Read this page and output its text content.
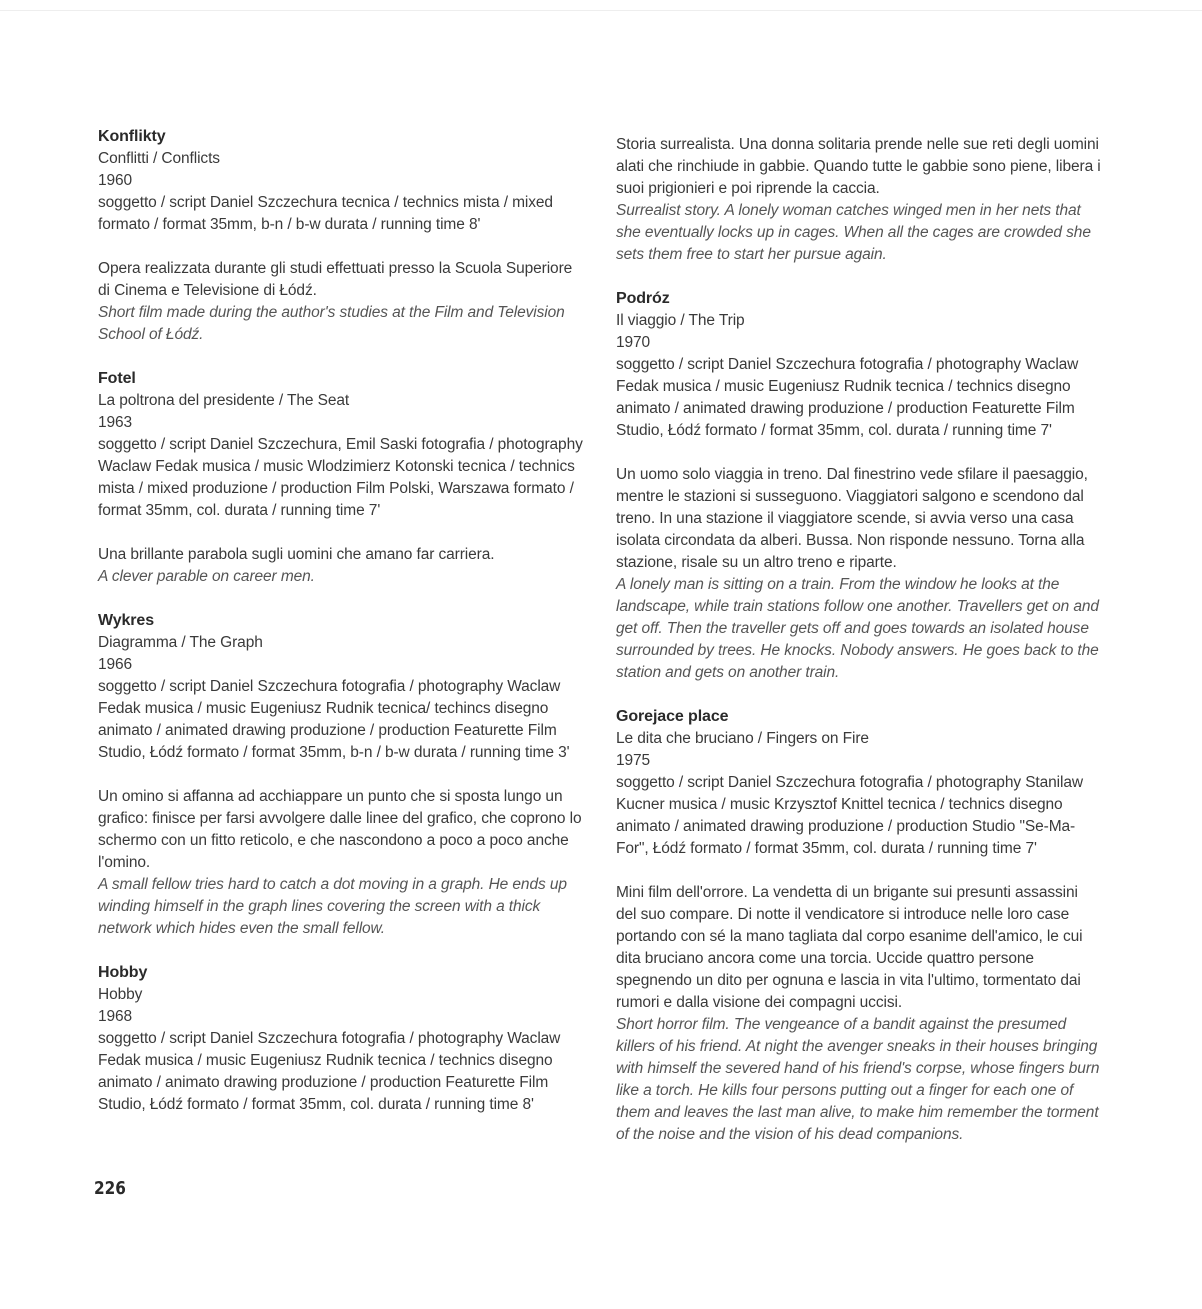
Konflikty

Conflitti / Conflicts

1960

soggetto / script Daniel Szczechura tecnica / technics mista / mixed formato / format 35mm, b-n / b-w durata / running time 8'

Opera realizzata durante gli studi effettuati presso la Scuola Superiore di Cinema e Televisione di Łódź.

Short film made during the author's studies at the Film and Television School of Łódź.

Fotel

La poltrona del presidente / The Seat

1963

soggetto / script Daniel Szczechura, Emil Saski fotografia / photography Waclaw Fedak musica / music Wlodzimierz Kotonski tecnica / technics mista / mixed produzione / production Film Polski, Warszawa formato / format 35mm, col. durata / running time 7'

Una brillante parabola sugli uomini che amano far carriera.

A clever parable on career men.

Wykres

Diagramma / The Graph

1966

soggetto / script Daniel Szczechura fotografia / photography Waclaw Fedak musica / music Eugeniusz Rudnik tecnica/ techincs disegno animato / animated drawing produzione / production Featurette Film Studio, Łódź formato / format 35mm, b-n / b-w durata / running time 3'

Un omino si affanna ad acchiappare un punto che si sposta lungo un grafico: finisce per farsi avvolgere dalle linee del grafico, che coprono lo schermo con un fitto reticolo, e che nascondono a poco a poco anche l'omino.

A small fellow tries hard to catch a dot moving in a graph. He ends up winding himself in the graph lines covering the screen with a thick network which hides even the small fellow.

Hobby

Hobby

1968

soggetto / script Daniel Szczechura fotografia / photography Waclaw Fedak musica / music Eugeniusz Rudnik tecnica / technics disegno animato / animato drawing produzione / production Featurette Film Studio, Łódź formato / format 35mm, col. durata / running time 8'

Storia surrealista. Una donna solitaria prende nelle sue reti degli uomini alati che rinchiude in gabbie. Quando tutte le gabbie sono piene, libera i suoi prigionieri e poi riprende la caccia.

Surrealist story. A lonely woman catches winged men in her nets that she eventually locks up in cages. When all the cages are crowded she sets them free to start her pursue again.

Podróz

Il viaggio / The Trip

1970

soggetto / script Daniel Szczechura fotografia / photography Waclaw Fedak musica / music Eugeniusz Rudnik tecnica / technics disegno animato / animated drawing produzione / production Featurette Film Studio, Łódź formato / format 35mm, col. durata / running time 7'

Un uomo solo viaggia in treno. Dal finestrino vede sfilare il paesaggio, mentre le stazioni si susseguono. Viaggiatori salgono e scendono dal treno. In una stazione il viaggiatore scende, si avvia verso una casa isolata circondata da alberi. Bussa. Non risponde nessuno. Torna alla stazione, risale su un altro treno e riparte.

A lonely man is sitting on a train. From the window he looks at the landscape, while train stations follow one another. Travellers get on and get off. Then the traveller gets off and goes towards an isolated house surrounded by trees. He knocks. Nobody answers. He goes back to the station and gets on another train.

Gorejace place

Le dita che bruciano / Fingers on Fire

1975

soggetto / script Daniel Szczechura fotografia / photography Stanilaw Kucner musica / music Krzysztof Knittel tecnica / technics disegno animato / animated drawing produzione / production Studio "Se-Ma-For", Łódź formato / format 35mm, col. durata / running time 7'

Mini film dell'orrore. La vendetta di un brigante sui presunti assassini del suo compare. Di notte il vendicatore si introduce nelle loro case portando con sé la mano tagliata dal corpo esanime dell'amico, le cui dita bruciano ancora come una torcia. Uccide quattro persone spegnendo un dito per ognuna e lascia in vita l'ultimo, tormentato dai rumori e dalla visione dei compagni uccisi.

Short horror film. The vengeance of a bandit against the presumed killers of his friend. At night the avenger sneaks in their houses bringing with himself the severed hand of his friend's corpse, whose fingers burn like a torch. He kills four persons putting out a finger for each one of them and leaves the last man alive, to make him remember the torment of the noise and the vision of his dead companions.

226
